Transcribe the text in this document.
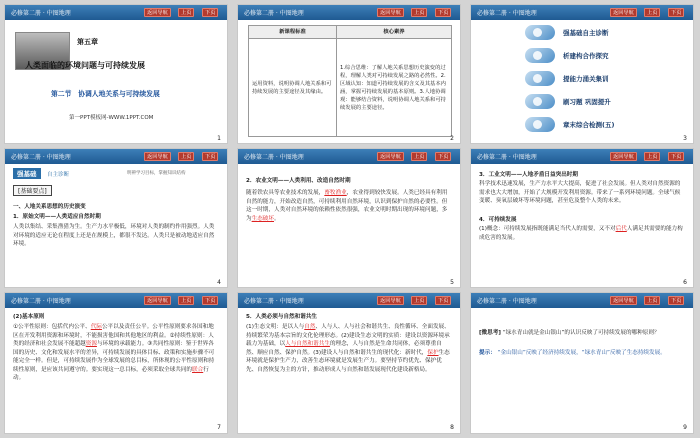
必修第二册 · 中图地理	返回导航	上页	下页
第五章
人类面临的环境问题与可持续发展
第二节　协调人地关系与可持续发展
第一PPT模板网-WWW.1PPT.COM
1
必修第二册 · 中图地理	返回导航	上页	下页
新课程标准	核心素养
运用资料，说明协调人地关系和可持续发展的主要途径及其缘由。	1.综合思维：了解人地关系思想历史演变的过程，理解人类对可持续发展之路的必然性。2.区域认知：知道可持续发展的含义及其基本内涵，掌握可持续发展的基本原则。3.人地协调观：能够结合资料，说明协调人地关系和可持续发展的主要途径。
2
必修第二册 · 中图地理	返回导航	上页	下页
强基础自主诊断
析建构合作探究
提能力涌关集训
刷习题 巩固提升
章末综合检测(五)
3
必修第二册 · 中图地理	返回导航	上页	下页
强基础	自主诊断	明辨学习目标，掌握知识结构
[基础要点]
一、人地关系思想的历史演变
1．原始文明——人类适应自然时期
人类以集结、采集渔猎为生。生产力水平极低，环境对人类的制约作用强烈。人类对环境的适应无论在程度上还是在规模上，都很不发达。人类只是被动地适应自然环境。
4
必修第二册 · 中图地理	返回导航	上页	下页
2．农业文明——人类利用、改造自然时期
随着铁农具等农业技术的发展，畜牧渔业，农业得到较快发展。人类已经具有利用自然的能力，开始改造自然，可持续利用自然环境，认识到保护自然的必要性。但这一时期，人类对自然环境的依赖性依然很强，农业文明时期出现的环境问题，多为生态破坏。
5
必修第二册 · 中图地理	返回导航	上页	下页
3．工业文明——人地矛盾日益突出时期
科学技术迅速发展，生产力水平大大提高，促进了社会发展。但人类对自然资源的需求也大大增加，开始了大规模开发利用资源。带来了一系列环境问题。全球气候变暖、臭氧层破坏等环境问题，甚至危及整个人类的未来。
4．可持续发展
(1)概念：可持续发展指既能满足当代人的需要，又不对后代人满足其需要的能力构成危害的发展。
6
必修第二册 · 中图地理	返回导航	上页	下页
(2)基本原则
①公平性原则：包括代内公平、代际公平以及责任公平。公平性原则要求各国和地区在开发利用资源和环境时，不能损害他国和其他地区的利益。②持续性原则：人类的经济和社会发展不能超越资源与环境的承载能力。③共同性原则：鉴于世界各国的历史、文化和发展水平的差异，可持续发展的具体目标、政策和实施步骤不可能完全一样。但是，可持续发展作为全球发展的总目标，所体现的公平性原则和持续性原则，是应该共同遵守的。要实现这一总目标，必须采取全球共同的联合行动。
7
必修第二册 · 中图地理	返回导航	上页	下页
5．人类必须与自然和谐共生
(1)生态文明：是以人与自然、人与人、人与社会和谐共生、良性循环、全面发展、持续繁荣为基本宗旨的文化伦理形态。(2)建设生态文明的实质：建设以资源环境承载力为基础，以人与自然和谐共生的理念，人与自然是生命共同体，必须尊重自然、顺应自然、保护自然。(3)建设人与自然和谐共生的现代化：新时代，保护生态环境就是保护生产力，改善生态环境就是发展生产力。要坚持节约优先、保护优先、自然恢复为主的方针，推动形成人与自然和谐发展现代化建设新格局。
8
必修第二册 · 中图地理	返回导航	上页	下页
[微思考] “绿水青山就是金山银山”的认识反映了可持续发展的哪种原则？
提示： “金山银山”反映了经济持续发展，“绿水青山”反映了生态持续发展。
9
